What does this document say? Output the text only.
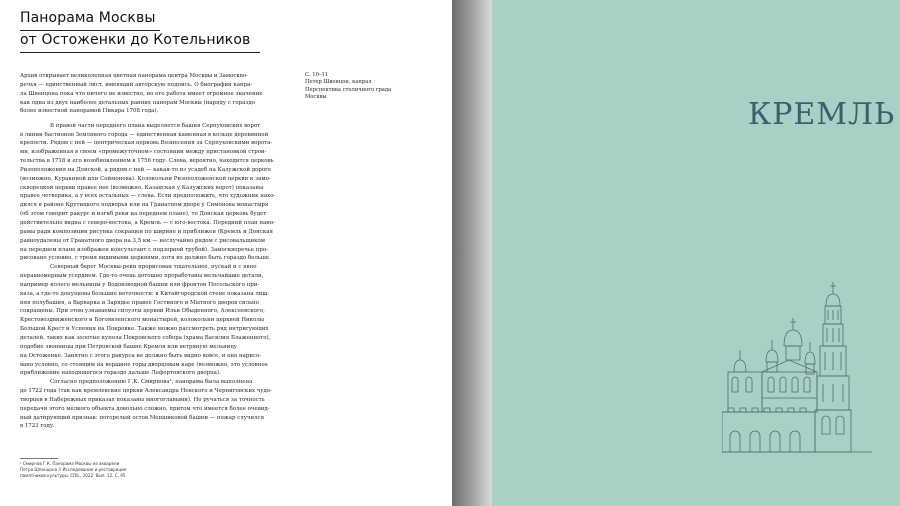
Панорама Москвы
от Остоженки до Котельников
Архив открывает великолепная цветная панорама центра Москвы и Замоскво-
речья — единственный лист, имеющий авторскую подпись. О биографии капра-
ла Швенцона пока что ничего не известно, но его работа имеет огромное значение
как одна из двух наиболее детальных ранних панорам Москвы (наряду с гораздо
более известной панорамой Пикара 1708 года).
В правой части переднего плана выделяется башня Серпуховских ворот
в линии бастионов Земляного города — единственная каменная в кольце деревянной
крепости. Рядом с ней — центрическая церковь Вознесения за Серпуховскими ворота-
ми, изображенная в своем «промежуточном» состоянии между пристановкой строи-
тельства в 1718 и его возобновлением в 1756 году. Слева, вероятно, находится церковь
Ризоположения на Донской, а рядом с ней — какая-то из усадеб на Калужской дороге
(возможно, Куракиной или Соймонова). Колокольни Ризоположенской церкви и замо-
скворецкой церкви правее нее (возможно, Казанская у Калужских ворот) показаны
правее четверика, а у всех остальных — слева. Если предположить, что художник нахо-
дился в районе Крутицкого подворья или на Гранатном дворе у Симонова монастыря
(об этом говорит ракурс и изгиб реки на переднем плане), то Донская церковь будет
действительно видна с северо-востока, а Кремль — с юго-востока. Передний план пано-
рамы ради композиции рисунка сокращен по ширине и приближен (Кремль и Донская
равноудалены от Гранатного двора на 3,5 км — неслучайно рядом с рисовальщиком
на переднем плане изображен консультант с подзорной трубой). Замоскворечье про-
рисовано условно, с тремя видимыми церквями, хотя их должно быть гораздо больше.
Северный берег Москвы-реки прорисован тщательнее, пускай и с явно
неравномерным усердием. Где-то очень дотошно проработаны мельчайшие детали,
например колесо мельницы у Водовзводной башни или фронтон Посольского при-
каза, а где-то допущены большие неточности: в Китайгородской стене показана лиш-
няя полубашня, а Варварка и Зарядье правее Гостиного и Мытного дворов сильно
сокращены. При этом узнаваемы силуэты церкви Ильи Обыденного, Алексеевского,
Крестовоздвиженского и Богоявленского монастырей, колокольни церквей Николы
Большой Крест и Успения на Покровке. Также можно рассмотреть ряд интригующих
деталей, таких как золотые купола Покровского собора (храма Василия Блаженного),
подобие звонницы при Петровской башне Кремля или ветряную мельницу
на Остоженке. Занятно с этого ракурса не должно быть видно вовсе, и оно нарисо-
вано условно, со стоящим на вершине горы дворцовым каре (возможно, это условное
приближение находящегося гораздо дальше Лефортовского дворца).
Согласно предположению Г.К. Смирнова¹, панорама была выполнена
до 1722 года (так как кремлевские церкви Александра Невского и Черниговских чудо-
творцев в Набережных приказах показаны многоглавыми). Но ручаться за точность
передачи этого мелкого объекта довольно сложно, притом что имеется более очевид-
ный датирующий признак: погорелый остов Меншиковой башни — пожар случился
в 1723 году.
С. 10–11
Петер Швенцон, капрал
Перспектива столичного града
Москвы
¹ Смирнов Г.К. Панорама Москвы из акварели
Петра Шпенцона // Исследование и реставрация
памятников культуры. СПб., 2022. Вып. 12. С. 95.
КРЕМЛЬ
